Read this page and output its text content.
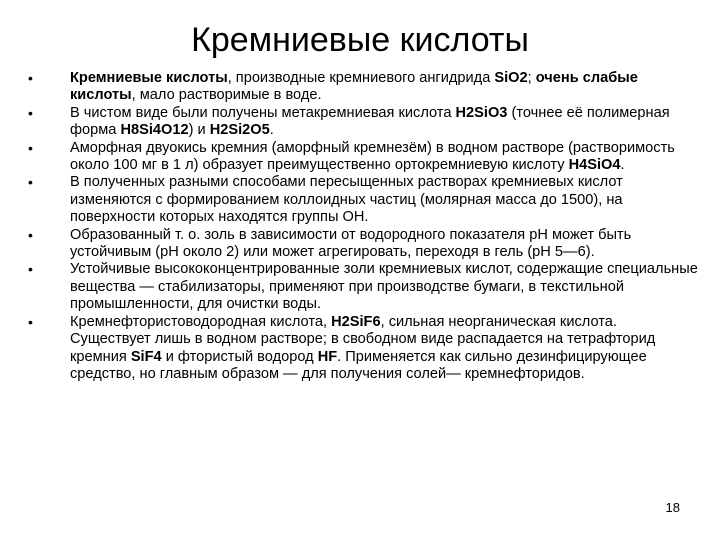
Кремниевые кислоты
•	Кремниевые кислоты, производные кремниевого ангидрида SiO2; очень слабые кислоты, мало растворимые в воде.
•	В чистом виде были получены метакремниевая кислота H2SiO3 (точнее её полимерная форма H8Si4O12) и H2Si2O5.
•	Аморфная двуокись кремния (аморфный кремнезём) в водном растворе (растворимость около 100 мг в 1 л) образует преимущественно ортокремниевую кислоту H4SiO4.
•	В полученных разными способами пересыщенных растворах кремниевых кислот изменяются с формированием коллоидных частиц (молярная масса до 1500), на поверхности которых находятся группы ОН.
•	Образованный т. о. золь в зависимости от водородного показателя pH может быть устойчивым (pH около 2) или может агрегировать, переходя в гель (pH 5—6).
•	Устойчивые высококонцентрированные золи кремниевых кислот, содержащие специальные вещества — стабилизаторы, применяют при производстве бумаги, в текстильной промышленности, для очистки воды.
•	Кремнефтористоводородная кислота, H2SiF6, сильная неорганическая кислота. Существует лишь в водном растворе; в свободном виде распадается на тетрафторид кремния SiF4 и фтористый водород HF. Применяется как сильно дезинфицирующее средство, но главным образом — для получения солей— кремнефторидов.
18
